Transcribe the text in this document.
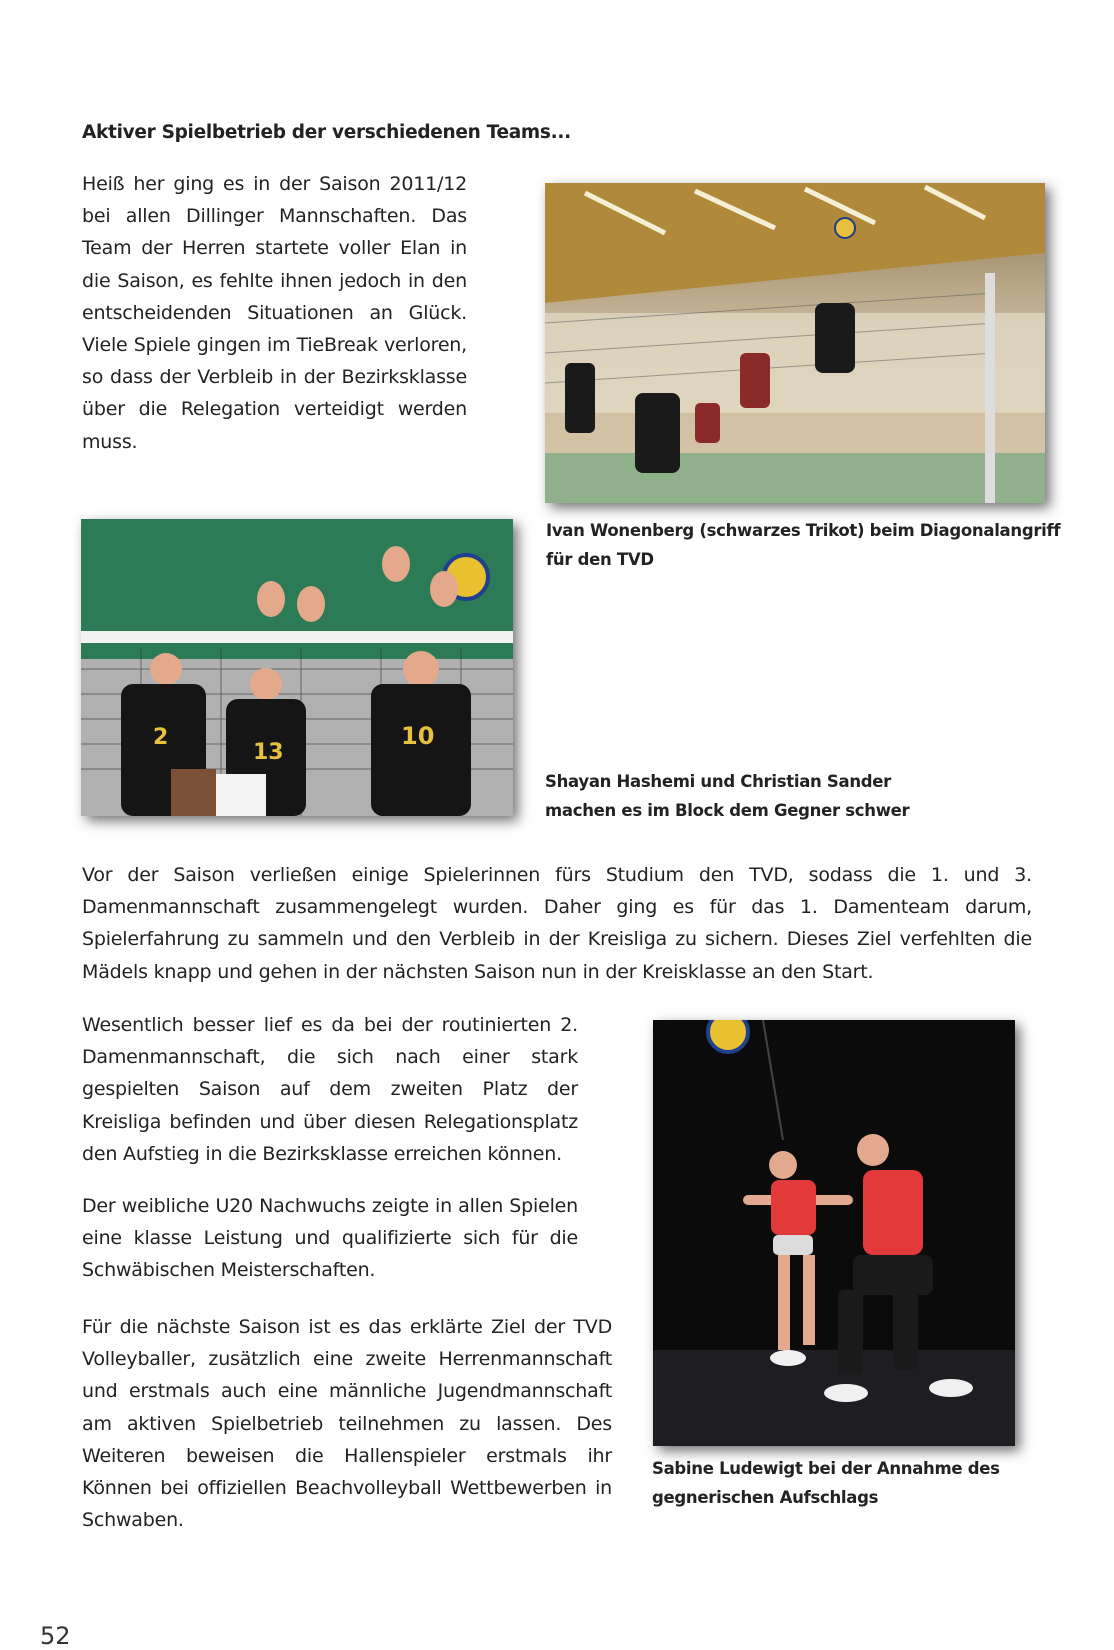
Aktiver Spielbetrieb der verschiedenen Teams...
Heiß her ging es in der Saison 2011/12 bei allen Dillinger Mannschaften. Das Team der Herren startete voller Elan in die Saison, es fehlte ihnen jedoch in den entscheidenden Situationen an Glück. Viele Spiele gingen im TieBreak verloren, so dass der Verbleib in der Bezirksklasse über die Relegation verteidigt werden muss.
Ivan Wonenberg (schwarzes Trikot) beim Diagonalangriff
für den TVD
2
13
10
Shayan Hashemi und Christian Sander
machen es im Block dem Gegner schwer
Vor der Saison verließen einige Spielerinnen fürs Studium den TVD, sodass die 1. und 3. Damenmannschaft zusammengelegt wurden. Daher ging es für das 1. Damenteam darum, Spielerfahrung zu sammeln und den Verbleib in der Kreisliga zu sichern. Dieses Ziel verfehlten die Mädels knapp und gehen in der nächsten Saison nun in der Kreisklasse an den Start.
Wesentlich besser lief es da bei der routinierten 2. Damenmannschaft, die sich nach einer stark gespielten Saison auf dem zweiten Platz der Kreisliga befinden und über diesen Relegationsplatz den Aufstieg in die Bezirksklasse erreichen können.
Der weibliche U20 Nachwuchs zeigte in allen Spielen eine klasse Leistung und qualifizierte sich für die Schwäbischen Meisterschaften.
Für die nächste Saison ist es das erklärte Ziel der TVD Volleyballer, zusätzlich eine zweite Herrenmannschaft und erstmals auch eine männliche Jugendmannschaft am aktiven Spielbetrieb teilnehmen zu lassen. Des Weiteren beweisen die Hallenspieler erstmals ihr Können bei offiziellen Beachvolleyball Wettbewerben in Schwaben.
Sabine Ludewigt bei der Annahme des
gegnerischen Aufschlags
52
